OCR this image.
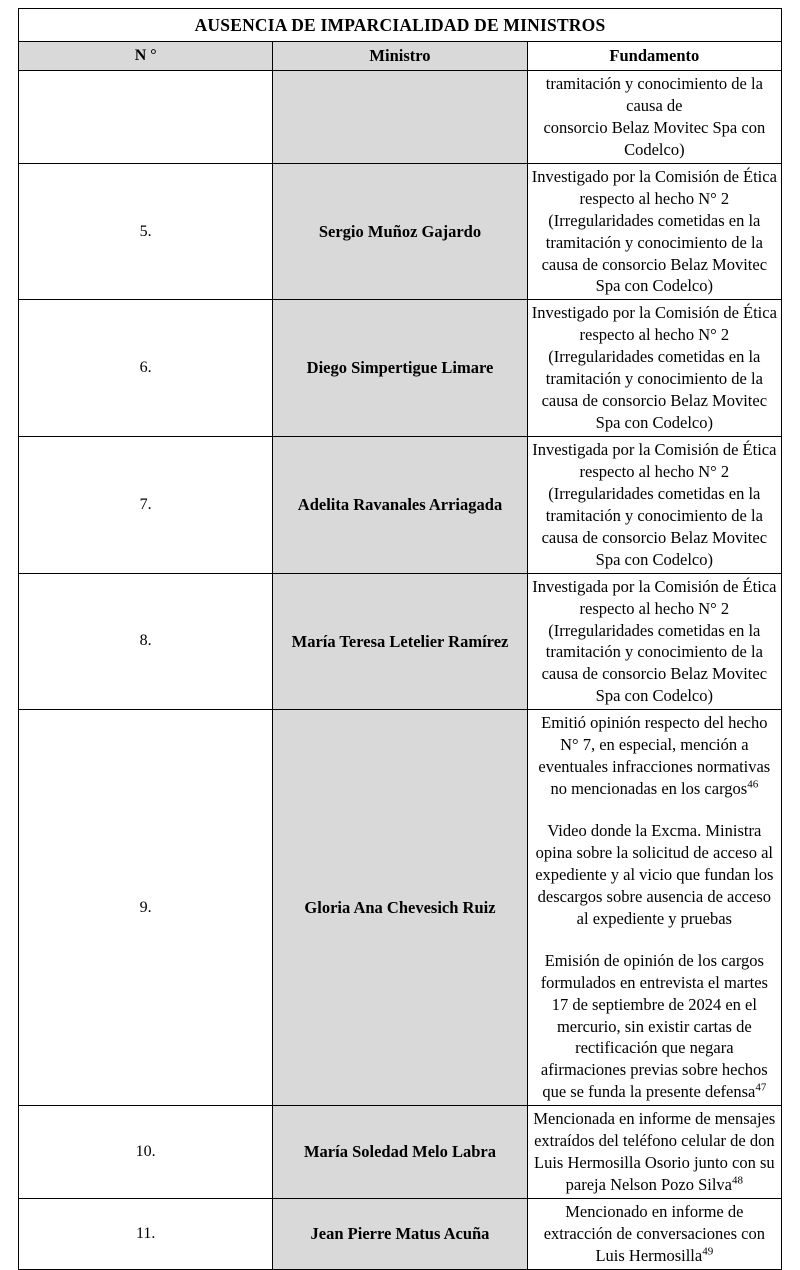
AUSENCIA DE IMPARCIALIDAD DE MINISTROS		
N °	Ministro	Fundamento

		tramitación y conocimiento de la causa de
consorcio Belaz Movitec Spa con Codelco)

5.	Sergio Muñoz Gajardo	Investigado por la Comisión de Ética respecto al hecho N° 2 (Irregularidades cometidas en la tramitación y conocimiento de la causa de consorcio Belaz Movitec Spa con Codelco)

6.	Diego Simpertigue Limare	Investigado por la Comisión de Ética respecto al hecho N° 2 (Irregularidades cometidas en la tramitación y conocimiento de la causa de consorcio Belaz Movitec Spa con Codelco)

7.	Adelita Ravanales Arriagada	Investigada por la Comisión de Ética respecto al hecho N° 2 (Irregularidades cometidas en la tramitación y conocimiento de la causa de consorcio Belaz Movitec Spa con Codelco)

8.	María Teresa Letelier Ramírez	Investigada por la Comisión de Ética respecto al hecho N° 2 (Irregularidades cometidas en la tramitación y conocimiento de la causa de consorcio Belaz Movitec Spa con Codelco)

9.	Gloria Ana Chevesich Ruiz	Emitió opinión respecto del hecho N° 7, en especial, mención a eventuales infracciones normativas no mencionadas en los cargos$^{46}$

Video donde la Excma. Ministra opina sobre la solicitud de acceso al expediente y al vicio que fundan los descargos sobre ausencia de acceso al expediente y pruebas

Emisión de opinión de los cargos formulados en entrevista el martes 17 de septiembre de 2024 en el mercurio, sin existir cartas de rectificación que negara afirmaciones previas sobre hechos que se funda la presente defensa$^{47}$

10.	María Soledad Melo Labra	Mencionada en informe de mensajes extraídos del teléfono celular de don Luis Hermosilla Osorio junto con su pareja Nelson Pozo Silva$^{48}$

11.	Jean Pierre Matus Acuña	Mencionado en informe de extracción de conversaciones con Luis Hermosilla$^{49}$
